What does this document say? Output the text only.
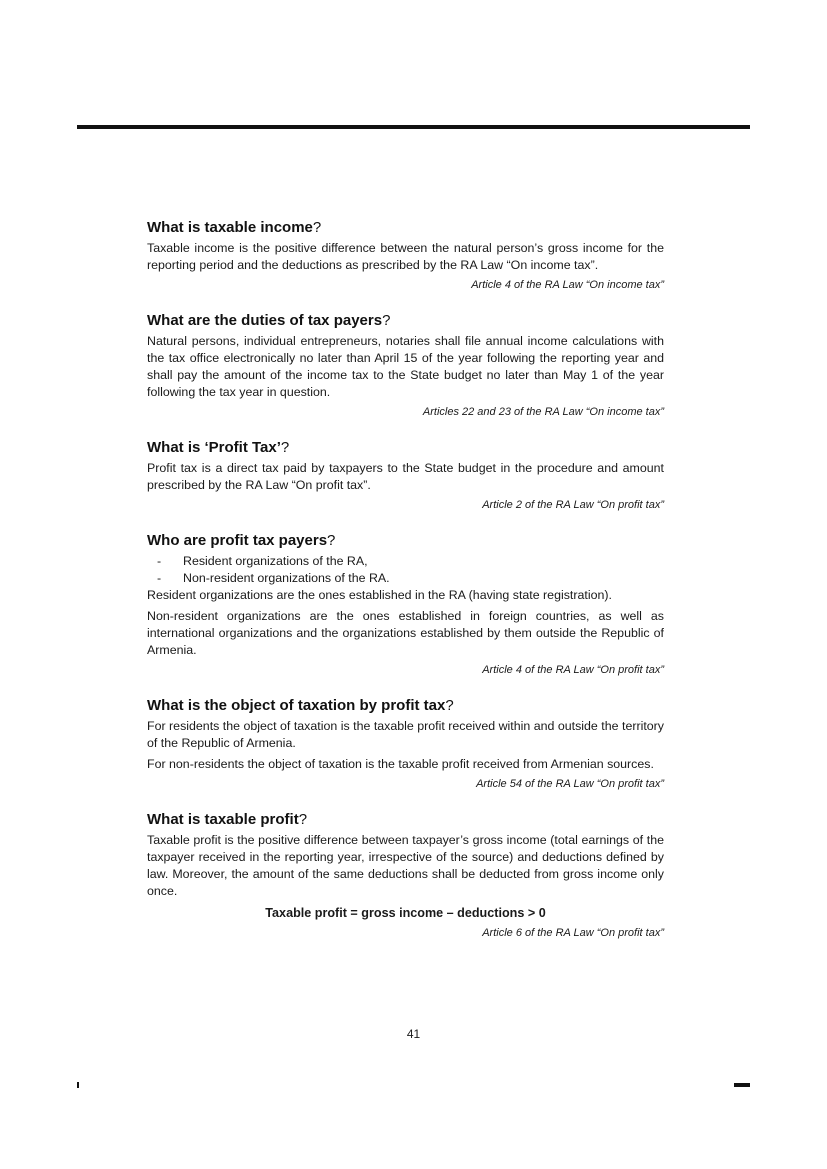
What is taxable income?

Taxable income is the positive difference between the natural person’s gross income for the reporting period and the deductions as prescribed by the RA Law “On income tax”.

Article 4 of the RA Law “On income tax”

What are the duties of tax payers?

Natural persons, individual entrepreneurs, notaries shall file annual income calculations with the tax office electronically no later than April 15 of the year following the reporting year and shall pay the amount of the income tax to the State budget no later than May 1 of the year following the tax year in question.

Articles 22 and 23 of the RA Law “On income tax”

What is ‘Profit Tax’?

Profit tax is a direct tax paid by taxpayers to the State budget in the procedure and amount prescribed by the RA Law “On profit tax”.

Article 2 of the RA Law “On profit tax”

Who are profit tax payers?
- Resident organizations of the RA,
- Non-resident organizations of the RA.

Resident organizations are the ones established in the RA (having state registration).

Non-resident organizations are the ones established in foreign countries, as well as international organizations and the organizations established by them outside the Republic of Armenia.

Article 4 of the RA Law “On profit tax”

What is the object of taxation by profit tax?

For residents the object of taxation is the taxable profit received within and outside the territory of the Republic of Armenia.

For non-residents the object of taxation is the taxable profit received from Armenian sources.

Article 54 of the RA Law “On profit tax”

What is taxable profit?

Taxable profit is the positive difference between taxpayer’s gross income (total earnings of the taxpayer received in the reporting year, irrespective of the source) and deductions defined by law. Moreover, the amount of the same deductions shall be deducted from gross income only once.

Taxable profit = gross income – deductions > 0

Article 6 of the RA Law “On profit tax”

41
